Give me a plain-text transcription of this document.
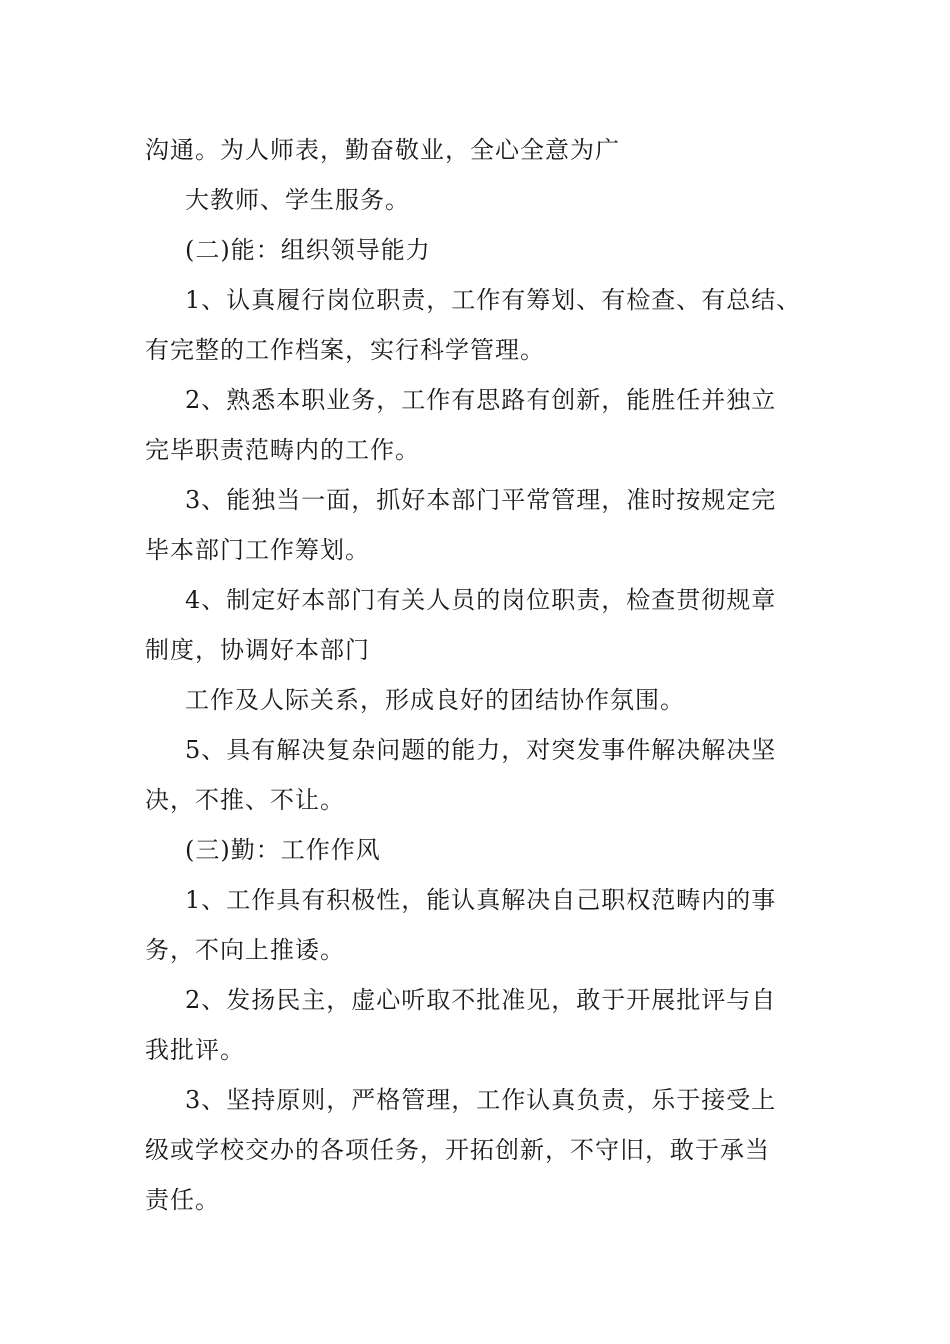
沟通。为人师表，勤奋敬业，全心全意为广
大教师、学生服务。
(二)能：组织领导能力
1、认真履行岗位职责，工作有筹划、有检查、有总结、
有完整的工作档案，实行科学管理。
2、熟悉本职业务，工作有思路有创新，能胜任并独立
完毕职责范畴内的工作。
3、能独当一面，抓好本部门平常管理，准时按规定完
毕本部门工作筹划。
4、制定好本部门有关人员的岗位职责，检查贯彻规章
制度，协调好本部门
工作及人际关系，形成良好的团结协作氛围。
5、具有解决复杂问题的能力，对突发事件解决解决坚
决，不推、不让。
(三)勤：工作作风
1、工作具有积极性，能认真解决自己职权范畴内的事
务，不向上推诿。
2、发扬民主，虚心听取不批准见，敢于开展批评与自
我批评。
3、坚持原则，严格管理，工作认真负责，乐于接受上
级或学校交办的各项任务，开拓创新，不守旧，敢于承当
责任。
